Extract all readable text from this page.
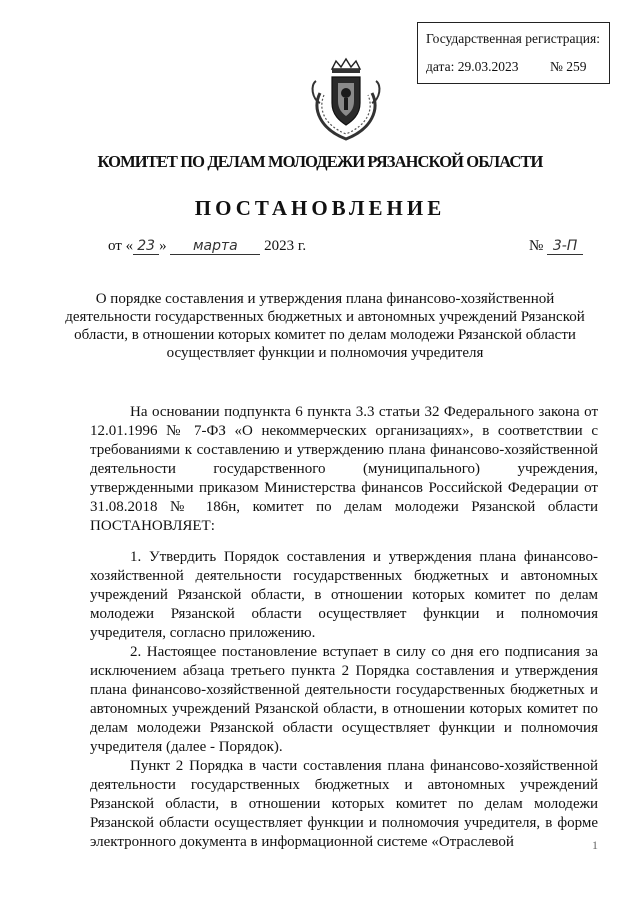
Государственная регистрация:
дата: 29.03.2023 № 259
КОМИТЕТ ПО ДЕЛАМ МОЛОДЕЖИ РЯЗАНСКОЙ ОБЛАСТИ
ПОСТАНОВЛЕНИЕ
от « 23 » марта 2023 г.	№ 3-П
О порядке составления и утверждения плана финансово-хозяйственной деятельности государственных бюджетных и автономных учреждений Рязанской области, в отношении которых комитет по делам молодежи Рязанской области осуществляет функции и полномочия учредителя

На основании подпункта 6 пункта 3.3 статьи 32 Федерального закона от 12.01.1996 № 7-ФЗ «О некоммерческих организациях», в соответствии с требованиями к составлению и утверждению плана финансово-хозяйственной деятельности государственного (муниципального) учреждения, утвержденными приказом Министерства финансов Российской Федерации от 31.08.2018 № 186н, комитет по делам молодежи Рязанской области ПОСТАНОВЛЯЕТ:

1. Утвердить Порядок составления и утверждения плана финансово-хозяйственной деятельности государственных бюджетных и автономных учреждений Рязанской области, в отношении которых комитет по делам молодежи Рязанской области осуществляет функции и полномочия учредителя, согласно приложению.

2. Настоящее постановление вступает в силу со дня его подписания за исключением абзаца третьего пункта 2 Порядка составления и утверждения плана финансово-хозяйственной деятельности государственных бюджетных и автономных учреждений Рязанской области, в отношении которых комитет по делам молодежи Рязанской области осуществляет функции и полномочия учредителя (далее - Порядок).

Пункт 2 Порядка в части составления плана финансово-хозяйственной деятельности государственных бюджетных и автономных учреждений Рязанской области, в отношении которых комитет по делам молодежи Рязанской области осуществляет функции и полномочия учредителя, в форме электронного документа в информационной системе «Отраслевой	1
